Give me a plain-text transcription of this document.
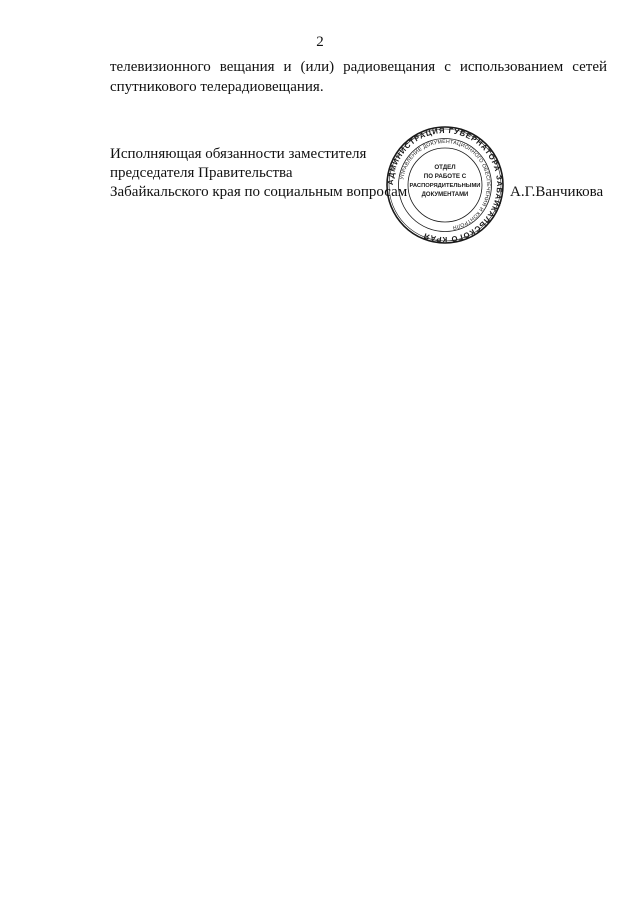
2
телевизионного вещания и (или) радиовещания с использованием сетей
спутникового телерадиовещания.
АДМИНИСТРАЦИЯ ГУБЕРНАТОРА ЗАБАЙКАЛЬСКОГО КРАЯ
УПРАВЛЕНИЕ ДОКУМЕНТАЦИОННОГО ОБЕСПЕЧЕНИЯ И КОНТРОЛЯ
ОТДЕЛ
ПО РАБОТЕ С
РАСПОРЯДИТЕЛЬНЫМИ
ДОКУМЕНТАМИ
Исполняющая обязанности заместителя
председателя Правительства
Забайкальского края по социальным вопросам	А.Г.Ванчикова
